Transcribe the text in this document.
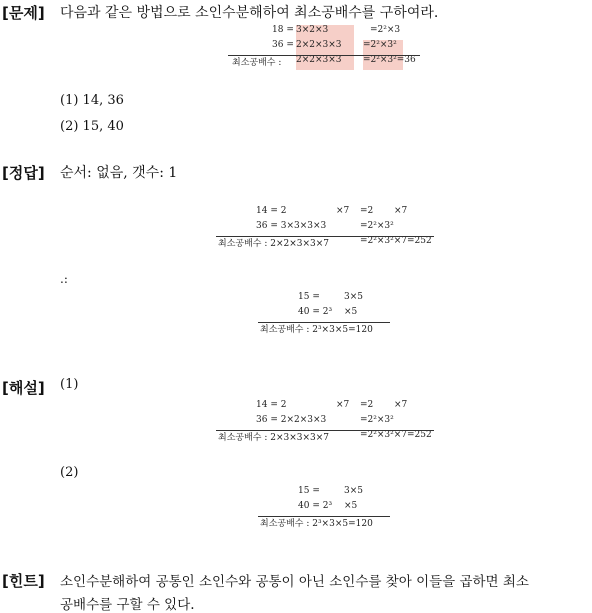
[문제] 다음과 같은 방법으로 소인수분해하여 최소공배수를 구하여라.
18 = 3×2×3	=2²×3
36 = 2×2×3×3 =2²×3²
최소공배수 : 2×2×3×3 =2²×3²=36
(1) 14, 36
(2) 15, 40
[정답] 순서: 없음, 갯수: 1
14 = 2	×7 =2 ×7
36 = 3×3×3×3	=2²×3²
최소공배수 : 2×2×3×3×7	=2²×3²×7=252
.:
15 =	3×5
40 = 2³ ×5
최소공배수 : 2³×3×5=120
[해설] (1)
14 = 2	×7 =2 ×7
36 = 2×2×3×3	=2²×3²
최소공배수 : 2×3×3×3×7	=2²×3²×7=252
(2)
15 =	3×5
40 = 2³ ×5
최소공배수 : 2³×3×5=120
[힌트] 소인수분해하여 공통인 소인수와 공통이 아닌 소인수를 찾아 이들을 곱하면 최소
공배수를 구할 수 있다.
